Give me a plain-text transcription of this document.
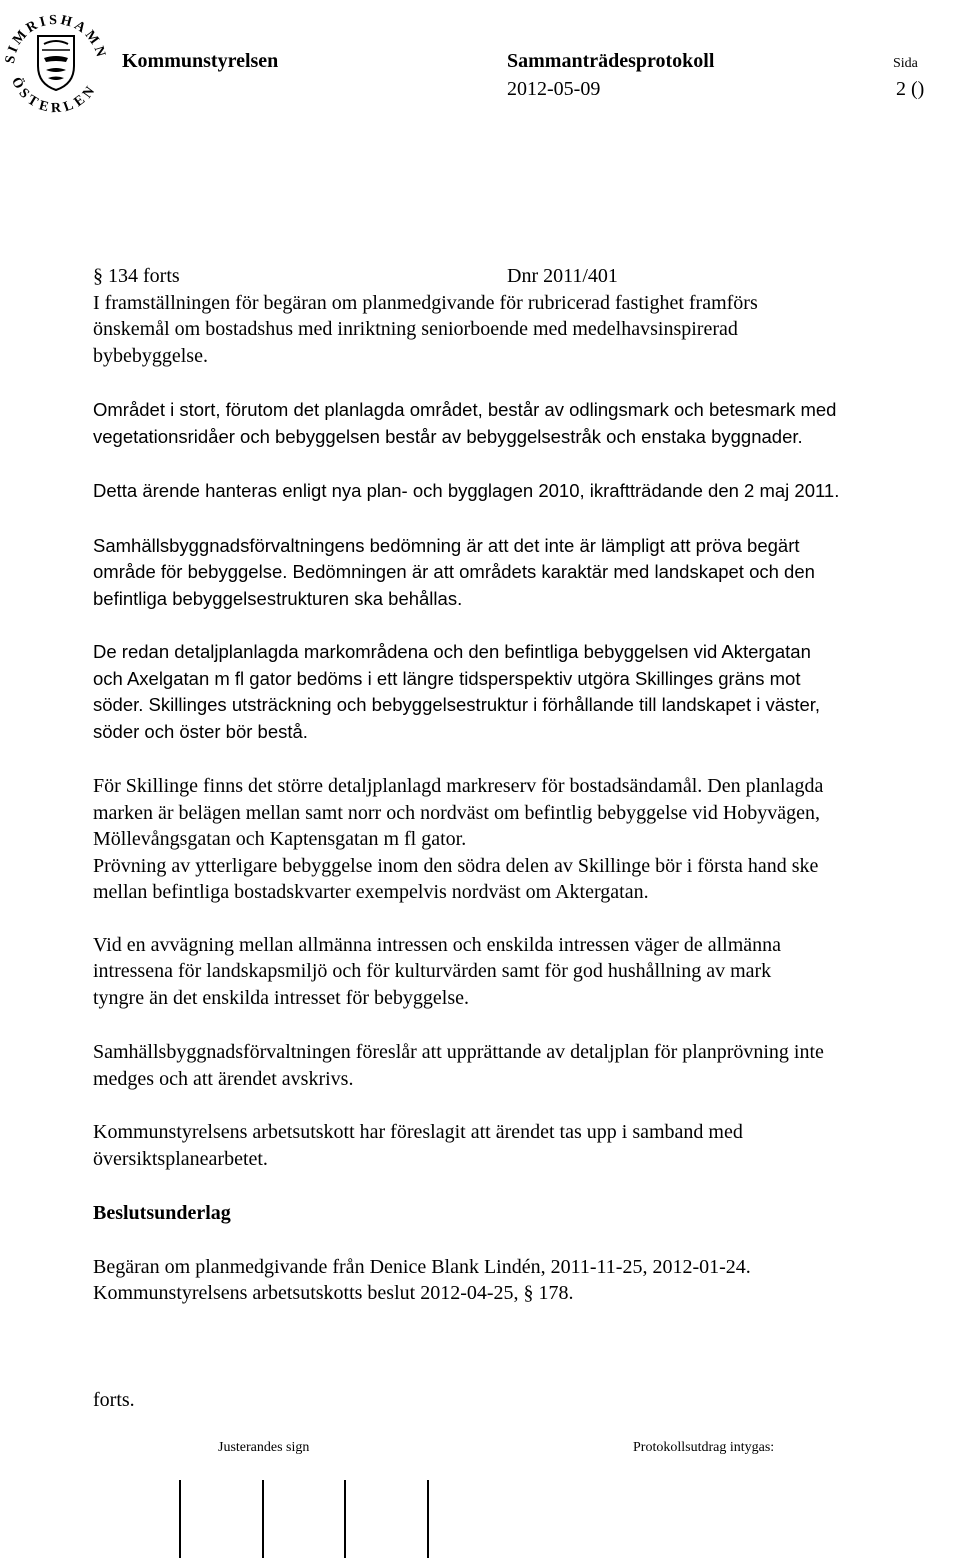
SIMRISHAMN
ÖSTERLEN
Kommunstyrelsen	Sammanträdesprotokoll	Sida
2012-05-09	2 ()
§ 134 forts	Dnr 2011/401

I framställningen för begäran om planmedgivande för rubricerad fastighet framförs

önskemål om bostadshus med inriktning seniorboende med medelhavsinspirerad

bybebyggelse.

Området i stort, förutom det planlagda området, består av odlingsmark och betesmark med

vegetationsridåer och bebyggelsen består av bebyggelsestråk och enstaka byggnader.

Detta ärende hanteras enligt nya plan- och bygglagen 2010, ikraftträdande den 2 maj 2011.

Samhällsbyggnadsförvaltningens bedömning är att det inte är lämpligt att pröva begärt

område för bebyggelse. Bedömningen är att områdets karaktär med landskapet och den

befintliga bebyggelsestrukturen ska behållas.

De redan detaljplanlagda markområdena och den befintliga bebyggelsen vid Aktergatan

och Axelgatan m fl gator bedöms i ett längre tidsperspektiv utgöra Skillinges gräns mot

söder. Skillinges utsträckning och bebyggelsestruktur i förhållande till landskapet i väster,

söder och öster bör bestå.

För Skillinge finns det större detaljplanlagd markreserv för bostadsändamål. Den planlagda

marken är belägen mellan samt norr och nordväst om befintlig bebyggelse vid Hobyvägen,

Möllevångsgatan och Kaptensgatan m fl gator.

Prövning av ytterligare bebyggelse inom den södra delen av Skillinge bör i första hand ske

mellan befintliga bostadskvarter exempelvis nordväst om Aktergatan.

Vid en avvägning mellan allmänna intressen och enskilda intressen väger de allmänna

intressena för landskapsmiljö och för kulturvärden samt för god hushållning av mark

tyngre än det enskilda intresset för bebyggelse.

Samhällsbyggnadsförvaltningen föreslår att upprättande av detaljplan för planprövning inte

medges och att ärendet avskrivs.

Kommunstyrelsens arbetsutskott har föreslagit att ärendet tas upp i samband med

översiktsplanearbetet.

Beslutsunderlag

Begäran om planmedgivande från Denice Blank Lindén, 2011-11-25, 2012-01-24.

Kommunstyrelsens arbetsutskotts beslut 2012-04-25, § 178.

forts.

Justerandes sign	Protokollsutdrag intygas:
